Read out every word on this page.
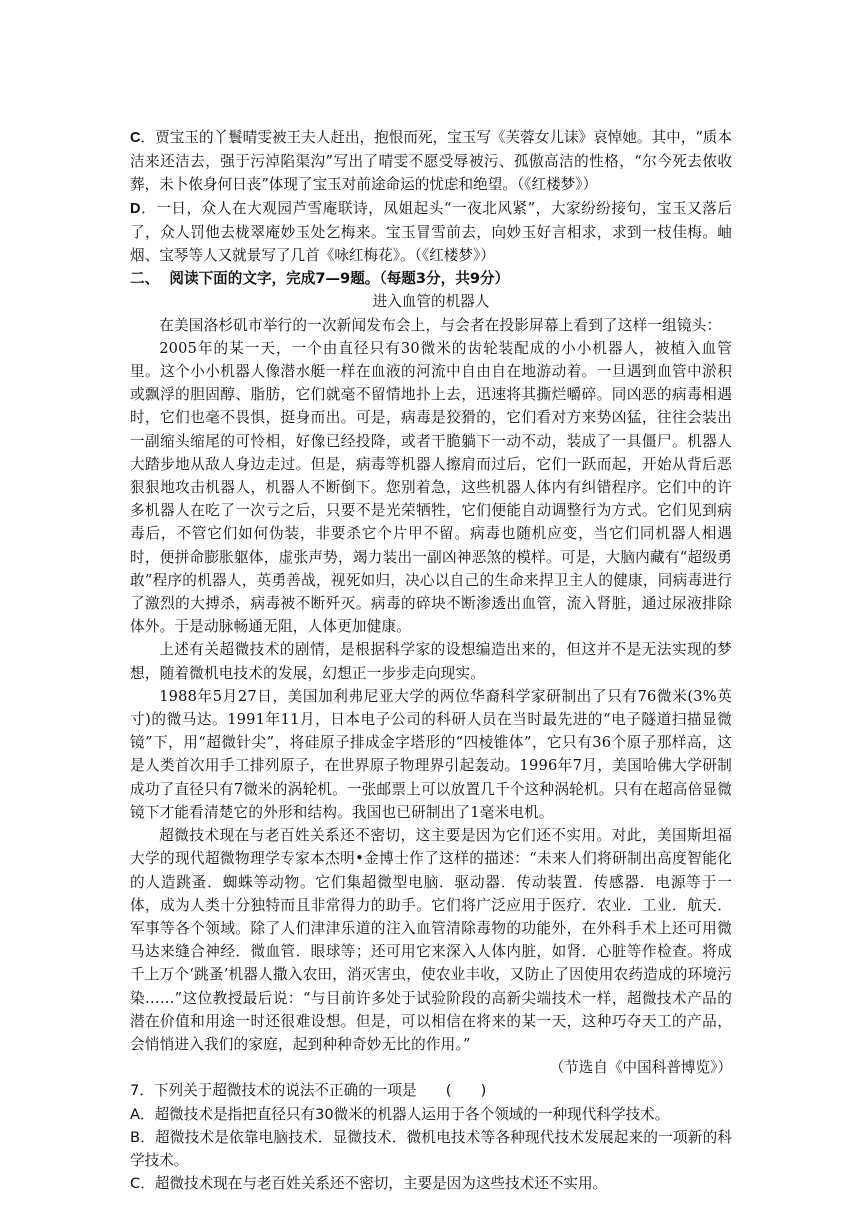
C．贾宝玉的丫鬟晴雯被王夫人赶出，抱恨而死，宝玉写《芙蓉女儿诔》哀悼她。其中，“质本洁来还洁去，强于污淖陷渠沟”写出了晴雯不愿受辱被污、孤傲高洁的性格，“尔今死去侬收葬，未卜侬身何日丧”体现了宝玉对前途命运的忧虑和绝望。（《红楼梦》）

D．一日，众人在大观园芦雪庵联诗，凤姐起头“一夜北风紧”，大家纷纷接句，宝玉又落后了，众人罚他去栊翠庵妙玉处乞梅来。宝玉冒雪前去，向妙玉好言相求，求到一枝佳梅。岫烟、宝琴等人又就景写了几首《咏红梅花》。（《红楼梦》）

二、 阅读下面的文字，完成7—9题。（每题3分，共9分）

进入血管的机器人

在美国洛杉矶市举行的一次新闻发布会上，与会者在投影屏幕上看到了这样一组镜头：

2005年的某一天，一个由直径只有30微米的齿轮装配成的小小机器人，被植入血管里。这个小小机器人像潜水艇一样在血液的河流中自由自在地游动着。一旦遇到血管中淤积或飘浮的胆固醇、脂肪，它们就毫不留情地扑上去，迅速将其撕烂嚼碎。同凶恶的病毒相遇时，它们也毫不畏惧，挺身而出。可是，病毒是狡猾的，它们看对方来势凶猛，往往会装出一副缩头缩尾的可怜相，好像已经投降，或者干脆躺下一动不动，装成了一具僵尸。机器人大踏步地从敌人身边走过。但是，病毒等机器人擦肩而过后，它们一跃而起，开始从背后恶狠狠地攻击机器人，机器人不断倒下。您别着急，这些机器人体内有纠错程序。它们中的许多机器人在吃了一次亏之后，只要不是光荣牺牲，它们便能自动调整行为方式。它们见到病毒后，不管它们如何伪装，非要杀它个片甲不留。病毒也随机应变，当它们同机器人相遇时，便拼命膨胀躯体，虚张声势，竭力装出一副凶神恶煞的模样。可是，大脑内藏有“超级勇敢”程序的机器人，英勇善战，视死如归，决心以自己的生命来捍卫主人的健康，同病毒进行了激烈的大搏杀，病毒被不断歼灭。病毒的碎块不断渗透出血管，流入肾脏，通过尿液排除体外。于是动脉畅通无阻，人体更加健康。

上述有关超微技术的剧情，是根据科学家的设想编造出来的，但这并不是无法实现的梦想，随着微机电技术的发展，幻想正一步步走向现实。

1988年5月27日，美国加利弗尼亚大学的两位华裔科学家研制出了只有76微米(3%英寸)的微马达。1991年11月，日本电子公司的科研人员在当时最先进的“电子隧道扫描显微镜”下，用“超微针尖”，将硅原子排成金字塔形的“四棱锥体”，它只有36个原子那样高，这是人类首次用手工排列原子，在世界原子物理界引起轰动。1996年7月，美国哈佛大学研制成功了直径只有7微米的涡轮机。一张邮票上可以放置几千个这种涡轮机。只有在超高倍显微镜下才能看清楚它的外形和结构。我国也已研制出了1毫米电机。

超微技术现在与老百姓关系还不密切，这主要是因为它们还不实用。对此，美国斯坦福大学的现代超微物理学专家本杰明•金博士作了这样的描述：“未来人们将研制出高度智能化的人造跳蚤．蜘蛛等动物。它们集超微型电脑．驱动器．传动装置．传感器．电源等于一体，成为人类十分独特而且非常得力的助手。它们将广泛应用于医疗．农业．工业．航天．军事等各个领域。除了人们津津乐道的注入血管清除毒物的功能外，在外科手术上还可用微马达来缝合神经．微血管．眼球等；还可用它来深入人体内脏，如肾．心脏等作检查。将成千上万个‘跳蚤’机器人撒入农田，消灭害虫，使农业丰收，又防止了因使用农药造成的环境污染……”这位教授最后说：“与目前许多处于试验阶段的高新尖端技术一样，超微技术产品的潜在价值和用途一时还很难设想。但是，可以相信在将来的某一天，这种巧夺天工的产品，会悄悄进入我们的家庭，起到种种奇妙无比的作用。”

（节选自《中国科普博览》）

7．下列关于超微技术的说法不正确的一项是　　(　　)

A．超微技术是指把直径只有30微米的机器人运用于各个领域的一种现代科学技术。

B．超微技术是依靠电脑技术．显微技术．微机电技术等各种现代技术发展起来的一项新的科学技术。

C．超微技术现在与老百姓关系还不密切，主要是因为这些技术还不实用。
